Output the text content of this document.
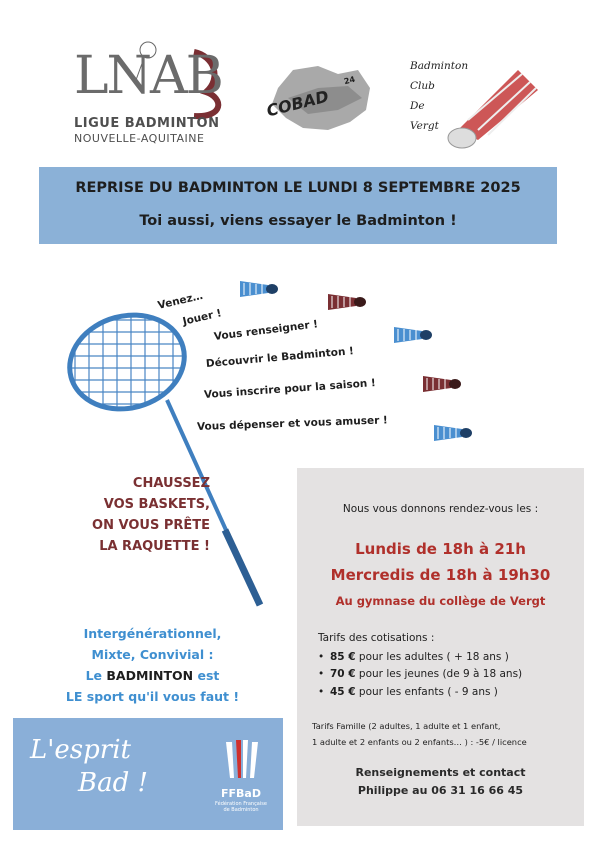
LNAB
LIGUE BADMINTON
NOUVELLE-AQUITAINE
COBAD
24
Badminton
Club
De
Vergt
REPRISE DU BADMINTON LE LUNDI 8 SEPTEMBRE 2025
Toi aussi, viens essayer le Badminton !
Venez…
Jouer !
Vous renseigner !
Découvrir le Badminton !
Vous inscrire pour la saison !
Vous dépenser et vous amuser !
CHAUSSEZ
VOS BASKETS,
ON VOUS PRÊTE
LA RAQUETTE !
Intergénérationnel,
Mixte, Convivial :
Le BADMINTON est
LE sport qu'il vous faut !
Nous vous donnons rendez-vous les :
Lundis de 18h à 21h
Mercredis de 18h à 19h30
Au gymnase du collège de Vergt
Tarifs des cotisations :
• 85 € pour les adultes ( + 18 ans )
• 70 € pour les jeunes (de 9 à 18 ans)
• 45 € pour les enfants ( - 9 ans )
Tarifs Famille (2 adultes, 1 adulte et 1 enfant,
1 adulte et 2 enfants ou 2 enfants… ) : -5€ / licence
Renseignements et contact
Philippe au 06 31 16 66 45
L'esprit
Bad !	FFBaD
Fédération Française
de Badminton
